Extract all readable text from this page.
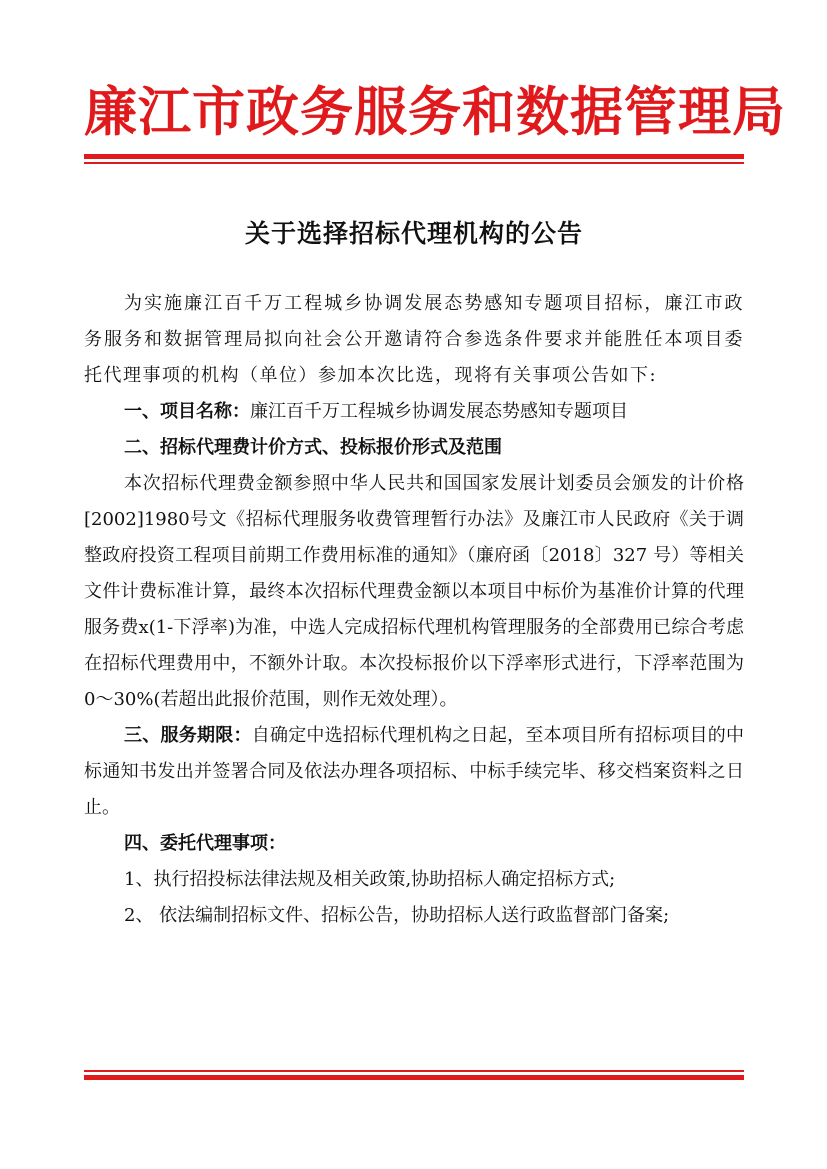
廉江市政务服务和数据管理局
关于选择招标代理机构的公告

为实施廉江百千万工程城乡协调发展态势感知专题项目招标，廉江市政务服务和数据管理局拟向社会公开邀请符合参选条件要求并能胜任本项目委托代理事项的机构（单位）参加本次比选，现将有关事项公告如下:

一、项目名称：廉江百千万工程城乡协调发展态势感知专题项目

二、招标代理费计价方式、投标报价形式及范围

本次招标代理费金额参照中华人民共和国国家发展计划委员会颁发的计价格[2002]1980号文《招标代理服务收费管理暂行办法》及廉江市人民政府《关于调整政府投资工程项目前期工作费用标准的通知》（廉府函〔2018〕327 号）等相关文件计费标准计算，最终本次招标代理费金额以本项目中标价为基准价计算的代理服务费x(1-下浮率)为准，中选人完成招标代理机构管理服务的全部费用已综合考虑在招标代理费用中，不额外计取。本次投标报价以下浮率形式进行，下浮率范围为 0～30%(若超出此报价范围，则作无效处理）。

三、服务期限：自确定中选招标代理机构之日起，至本项目所有招标项目的中标通知书发出并签署合同及依法办理各项招标、中标手续完毕、移交档案资料之日止。

四、委托代理事项：

1、执行招投标法律法规及相关政策,协助招标人确定招标方式;

2、 依法编制招标文件、招标公告，协助招标人送行政监督部门备案;
